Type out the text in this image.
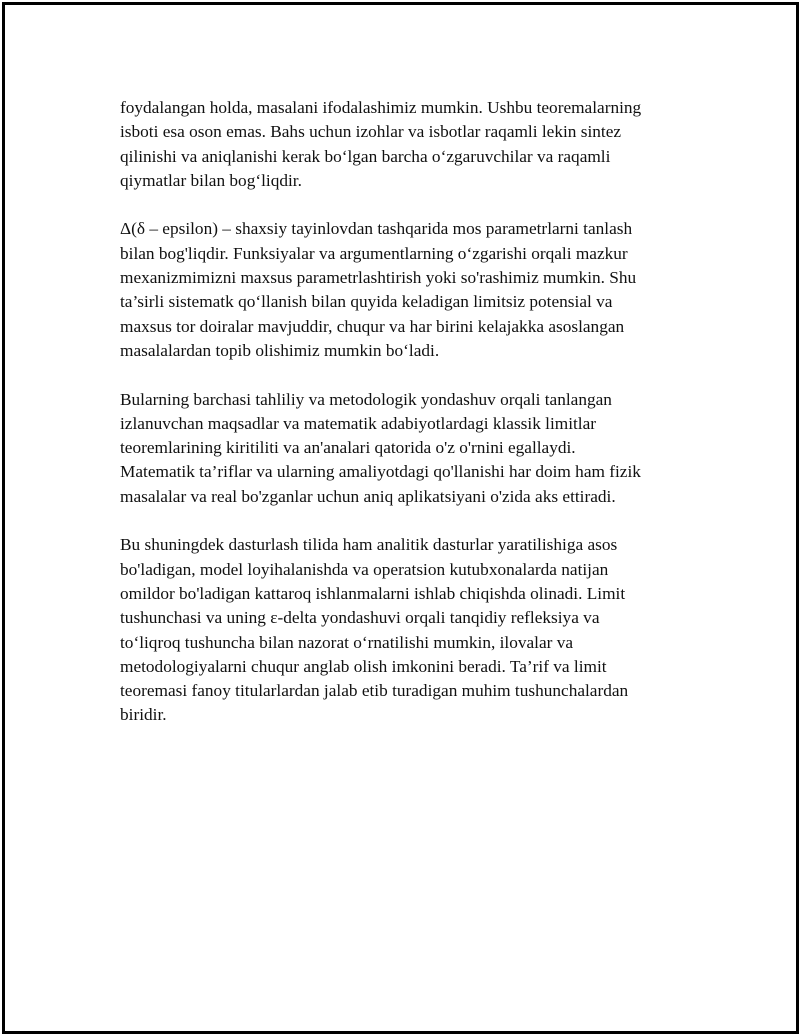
foydalangan holda, masalani ifodalashimiz mumkin. Ushbu teoremalarning
isboti esa oson emas. Bahs uchun izohlar va isbotlar raqamli lekin sintez
qilinishi va aniqlanishi kerak bo‘lgan barcha o‘zgaruvchilar va raqamli
qiymatlar bilan bog‘liqdir.

Δ(δ – epsilon) – shaxsiy tayinlovdan tashqarida mos parametrlarni tanlash
bilan bog'liqdir. Funksiyalar va argumentlarning o‘zgarishi orqali mazkur
mexanizmimizni maxsus parametrlashtirish yoki so'rashimiz mumkin. Shu
ta’sirli sistematk qo‘llanish bilan quyida keladigan limitsiz potensial va
maxsus tor doiralar mavjuddir, chuqur va har birini kelajakka asoslangan
masalalardan topib olishimiz mumkin bo‘ladi.

Bularning barchasi tahliliy va metodologik yondashuv orqali tanlangan
izlanuvchan maqsadlar va matematik adabiyotlardagi klassik limitlar
teoremlarining kiritiliti va an'analari qatorida o'z o'rnini egallaydi.
Matematik ta’riflar va ularning amaliyotdagi qo'llanishi har doim ham fizik
masalalar va real bo'zganlar uchun aniq aplikatsiyani o'zida aks ettiradi.

Bu shuningdek dasturlash tilida ham analitik dasturlar yaratilishiga asos
bo'ladigan, model loyihalanishda va operatsion kutubxonalarda natijan
omildor bo'ladigan kattaroq ishlanmalarni ishlab chiqishda olinadi. Limit
tushunchasi va uning ε-delta yondashuvi orqali tanqidiy refleksiya va
to‘liqroq tushuncha bilan nazorat o‘rnatilishi mumkin, ilovalar va
metodologiyalarni chuqur anglab olish imkonini beradi. Ta’rif va limit
teoremasi fanoy titularlardan jalab etib turadigan muhim tushunchalardan
biridir.
